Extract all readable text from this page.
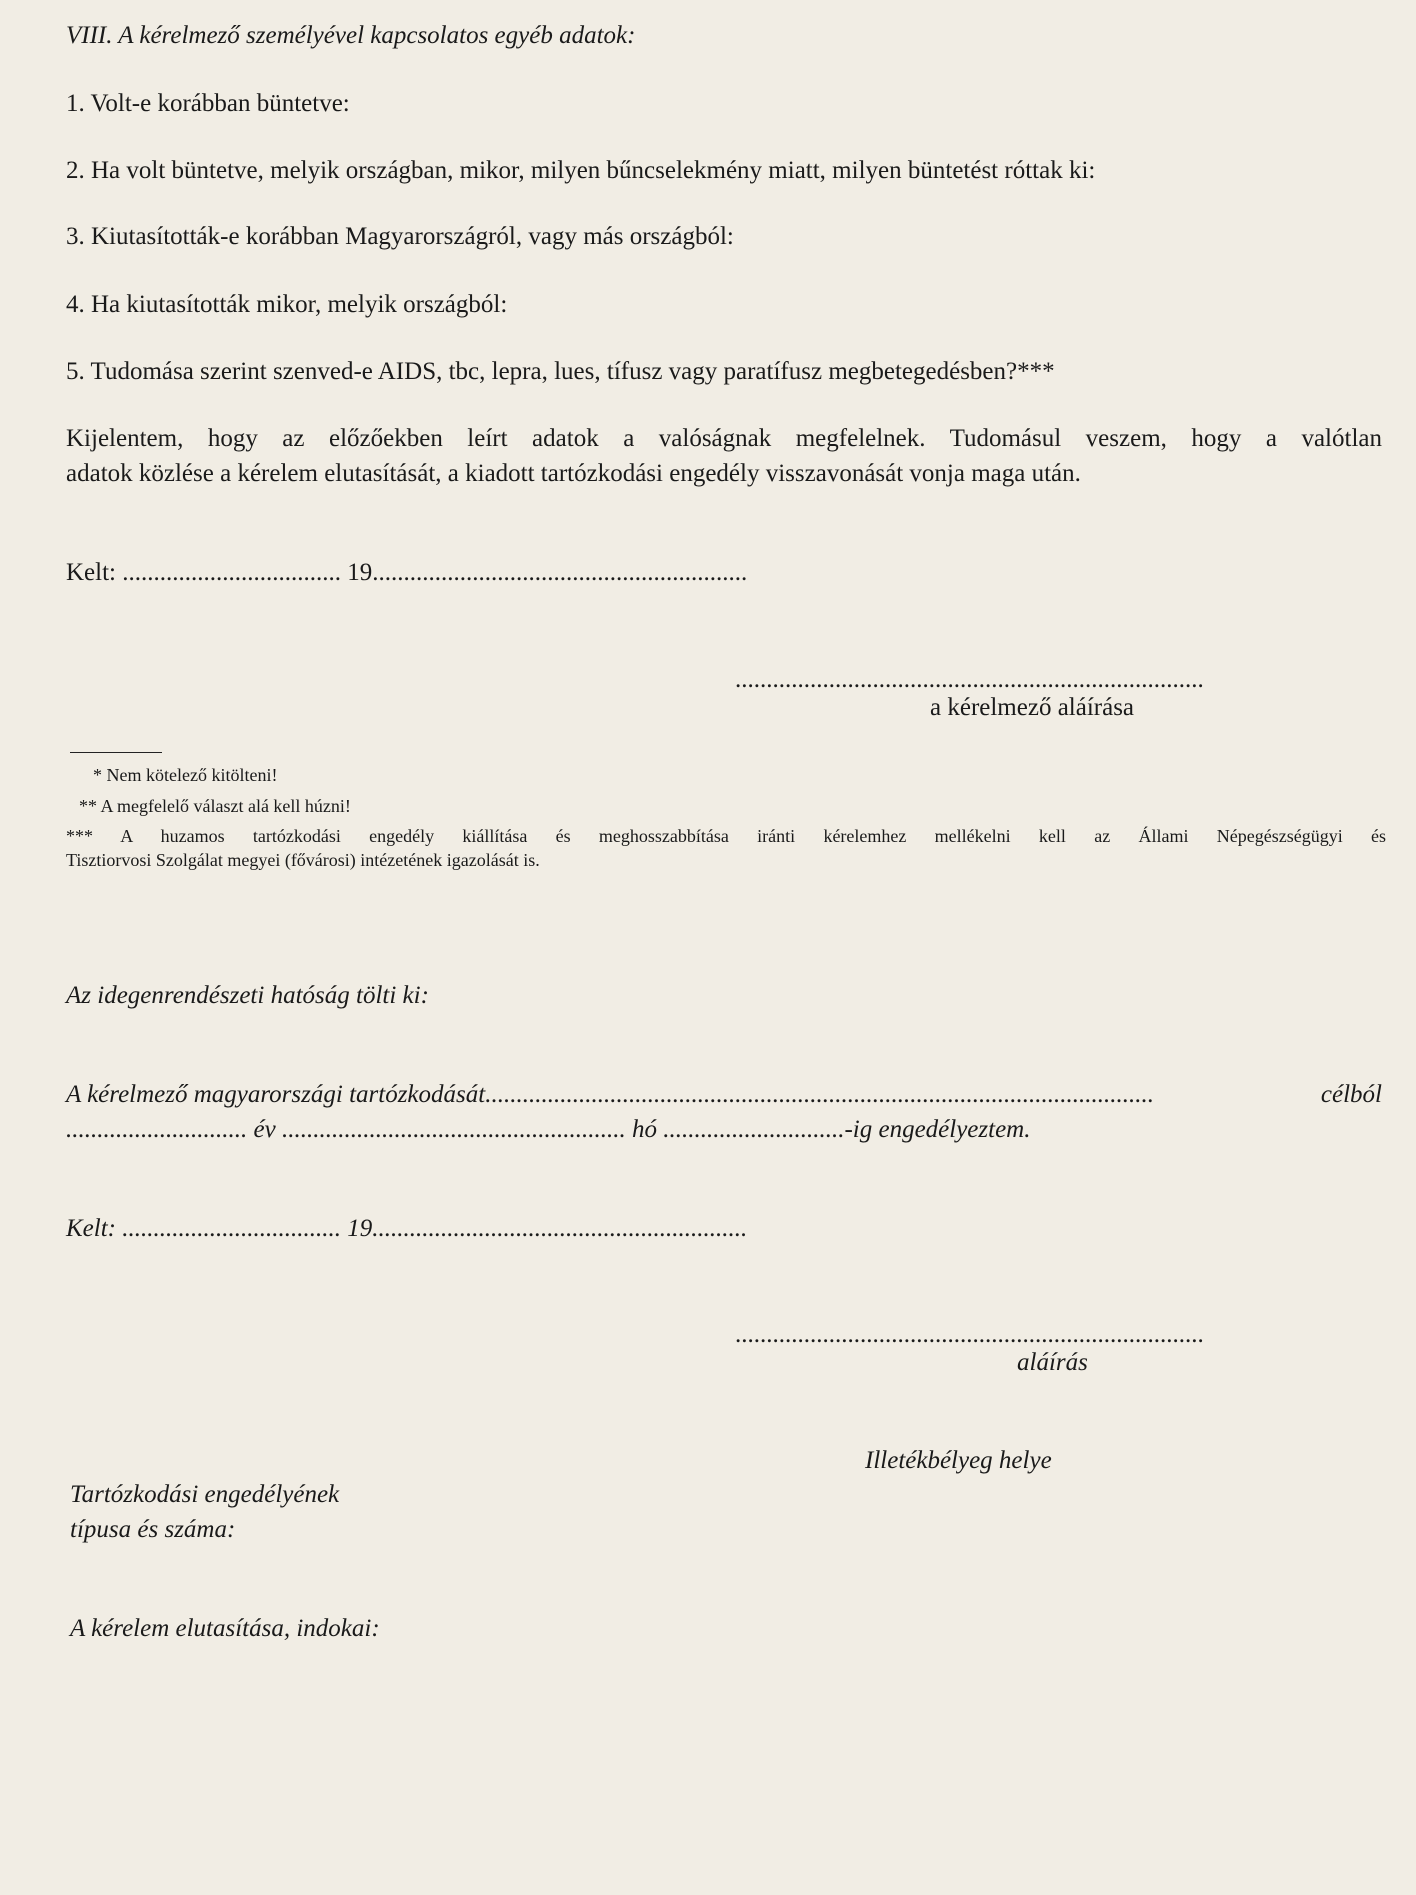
VIII. A kérelmező személyével kapcsolatos egyéb adatok:
1. Volt-e korábban büntetve:
2. Ha volt büntetve, melyik országban, mikor, milyen bűncselekmény miatt, milyen büntetést róttak ki:
3. Kiutasították-e korábban Magyarországról, vagy más országból:
4. Ha kiutasították mikor, melyik országból:
5. Tudomása szerint szenved-e AIDS, tbc, lepra, lues, tífusz vagy paratífusz megbetegedésben?***
Kijelentem, hogy az előzőekben leírt adatok a valóságnak megfelelnek. Tudomásul veszem, hogy a valótlan
adatok közlése a kérelem elutasítását, a kiadott tartózkodási engedély visszavonását vonja maga után.
Kelt: ................................... 19............................................................
...........................................................................
a kérelmező aláírása
* Nem kötelező kitölteni!
** A megfelelő választ alá kell húzni!
*** A huzamos tartózkodási engedély kiállítása és meghosszabbítása iránti kérelemhez mellékelni kell az Állami Népegészségügyi és
Tisztiorvosi Szolgálat megyei (fővárosi) intézetének igazolását is.
Az idegenrendészeti hatóság tölti ki:
A kérelmező magyarországi tartózkodását...........................................................................................................	célból
............................. év ....................................................... hó .............................-ig engedélyeztem.
Kelt: ................................... 19............................................................
...........................................................................
aláírás
Illetékbélyeg helye
Tartózkodási engedélyének
típusa és száma:
A kérelem elutasítása, indokai:
